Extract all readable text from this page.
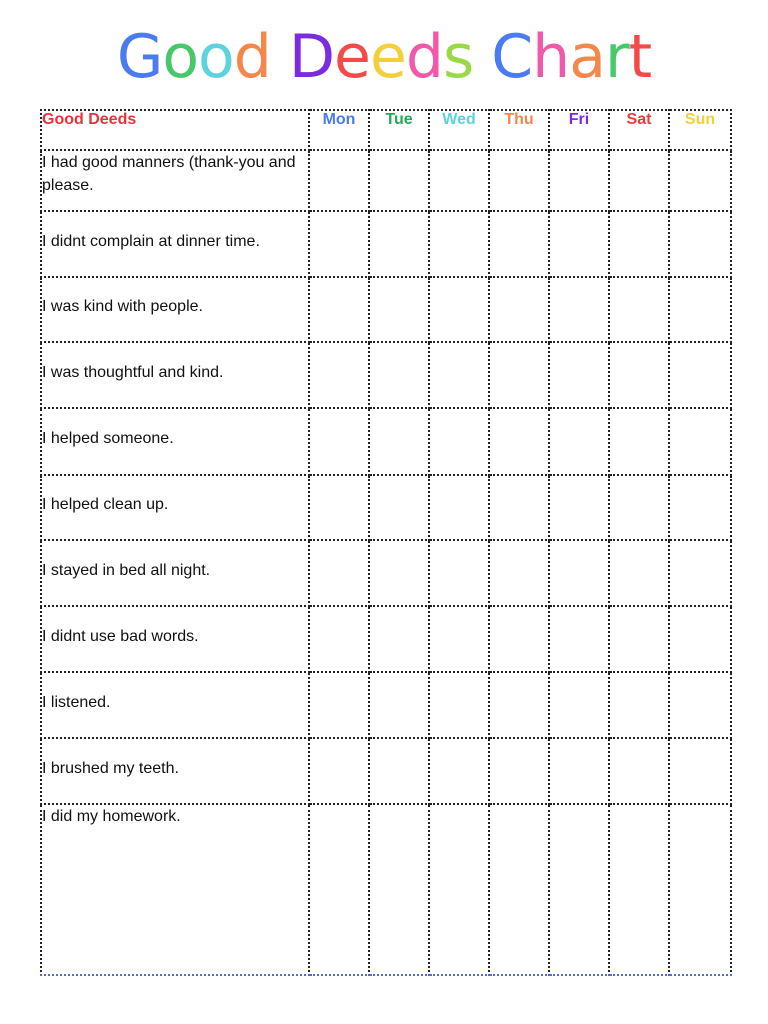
Good Deeds Chart
Good Deeds	Mon	Tue	Wed	Thu	Fri	Sat	Sun
I had good manners (thank-you and please.							
I didnt complain at dinner time.							
I was kind with people.							
I was thoughtful and kind.							
I helped someone.							
I helped clean up.							
I stayed in bed all night.							
I didnt use bad words.							
I listened.							
I brushed my teeth.							
I did my homework.							
